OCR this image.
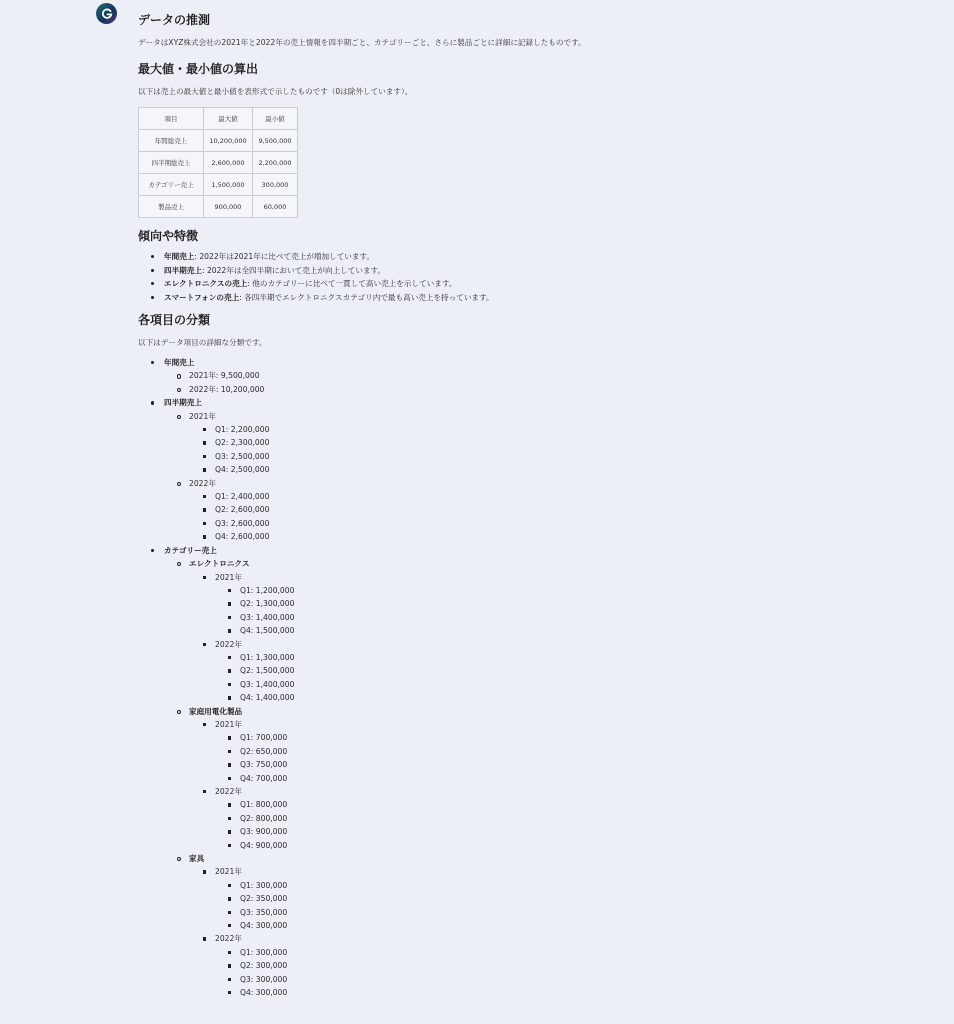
データの推測

データはXYZ株式会社の2021年と2022年の売上情報を四半期ごと、カテゴリーごと、さらに製品ごとに詳細に記録したものです。

最大値・最小値の算出

以下は売上の最大値と最小値を表形式で示したものです（0は除外しています）。

項目	最大値	最小値
年間総売上	10,200,000	9,500,000
四半期総売上	2,600,000	2,200,000
カテゴリー売上	1,500,000	300,000
製品売上	900,000	60,000
傾向や特徴
年間売上: 2022年は2021年に比べて売上が増加しています。
四半期売上: 2022年は全四半期において売上が向上しています。
エレクトロニクスの売上: 他のカテゴリーに比べて一貫して高い売上を示しています。
スマートフォンの売上: 各四半期でエレクトロニクスカテゴリ内で最も高い売上を持っています。
各項目の分類

以下はデータ項目の詳細な分類です。

年間売上
2021年: 9,500,000
2022年: 10,200,000
四半期売上
2021年
Q1: 2,200,000
Q2: 2,300,000
Q3: 2,500,000
Q4: 2,500,000
2022年
Q1: 2,400,000
Q2: 2,600,000
Q3: 2,600,000
Q4: 2,600,000
カテゴリー売上
エレクトロニクス
2021年
Q1: 1,200,000
Q2: 1,300,000
Q3: 1,400,000
Q4: 1,500,000
2022年
Q1: 1,300,000
Q2: 1,500,000
Q3: 1,400,000
Q4: 1,400,000
家庭用電化製品
2021年
Q1: 700,000
Q2: 650,000
Q3: 750,000
Q4: 700,000
2022年
Q1: 800,000
Q2: 800,000
Q3: 900,000
Q4: 900,000
家具
2021年
Q1: 300,000
Q2: 350,000
Q3: 350,000
Q4: 300,000
2022年
Q1: 300,000
Q2: 300,000
Q3: 300,000
Q4: 300,000
